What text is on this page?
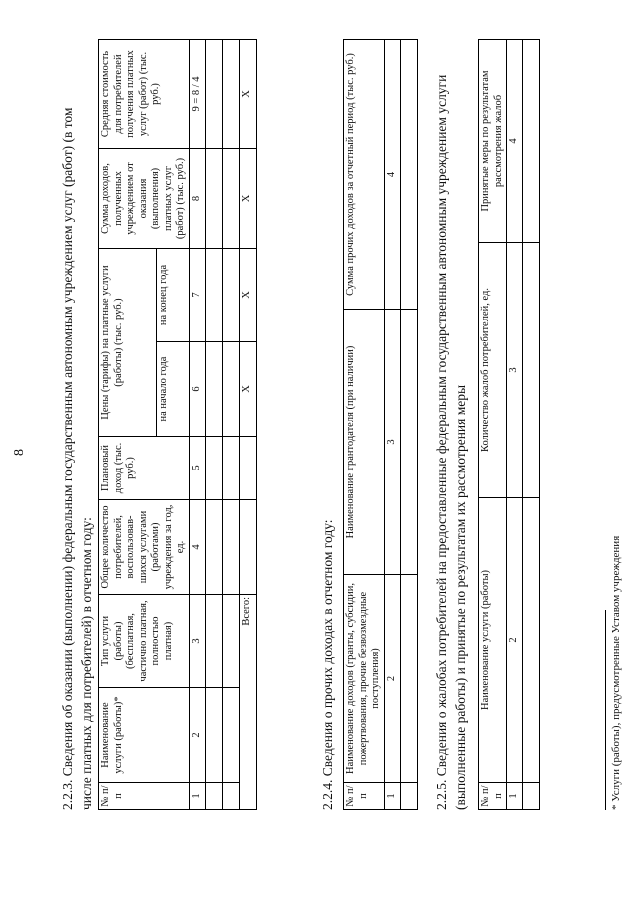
8 2.2.3. Сведения об оказании (выполнении) федеральным государственным автономным учреждением услуг (работ) (в том числе платных для потребителей) в отчетном году: № п/п	Наименование услуги (работы)*	Тип услуги (работы) (бесплатная, частично платная, полностью платная)	Общее количество потребителей, воспользовав-шихся услугами (работами) учреждения за год, ед.	Плановый доход (тыс. руб.)	Цены (тарифы) на платные услуги (работы) (тыс. руб.)		Сумма доходов, полученных учреждением от оказания (выполнения) платных услуг (работ) (тыс. руб.)	Средняя стоимость для потребителей получения платных услуг (работ) (тыс. руб.)
					на начало года	на конец года		
1	2	3	4	5	6	7	8	9 = 8 / 4

Всего:					X	X	X	X
2.2.4. Сведения о прочих доходах в отчетном году: № п/п	Наименование доходов (гранты, субсидии, пожертвования, прочие безвозмездные поступления)	Наименование грантодателя (при наличии)	Сумма прочих доходов за отчетный период (тыс. руб.)
1	2	3	4
				2.2.5. Сведения о жалобах потребителей на предоставленные федеральным государственным автономным учреждением услуги (выполненные работы) и принятые по результатам их рассмотрения меры № п/п	Наименование услуги (работы)	Количество жалоб потребителей, ед.	Принятые меры по результатам рассмотрения жалоб
1	2	3	4

* Услуги (работы), предусмотренные Уставом учреждения
